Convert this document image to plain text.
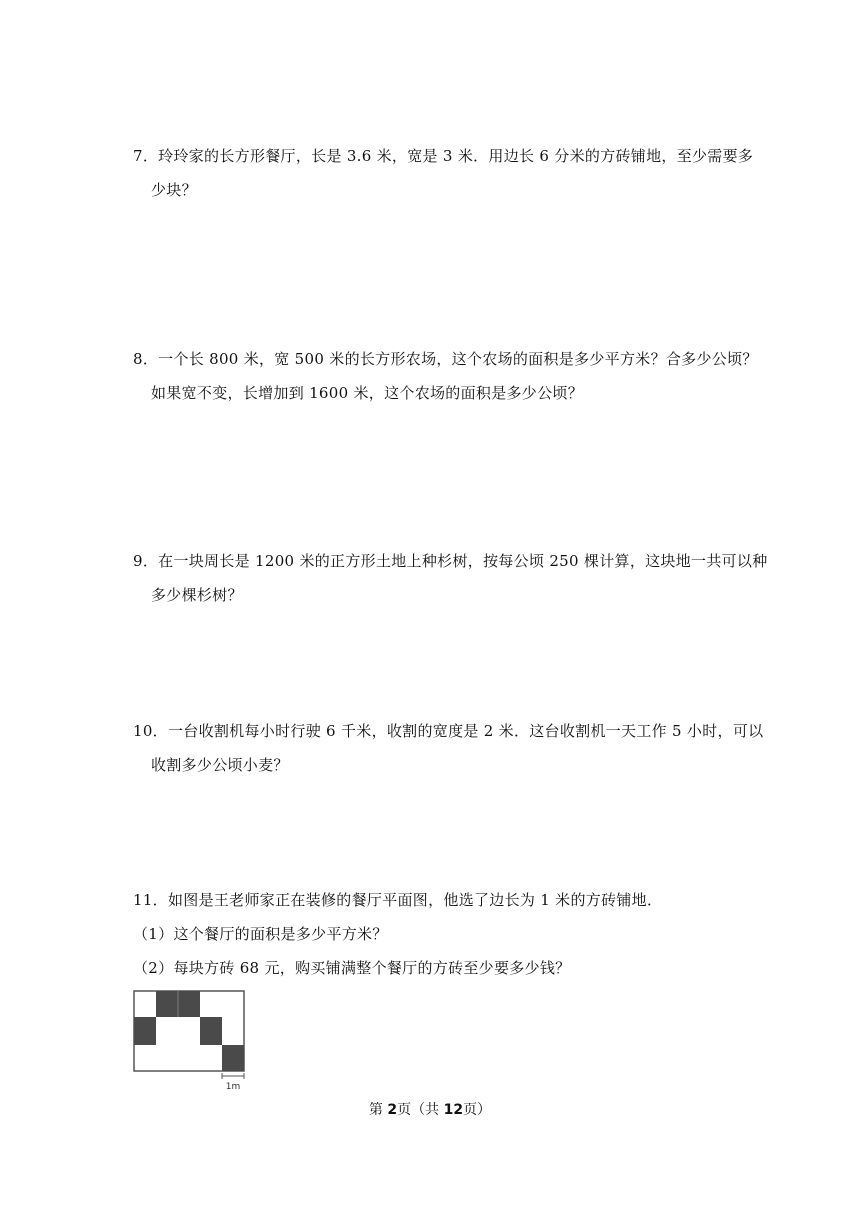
7．玲玲家的长方形餐厅，长是 3.6 米，宽是 3 米．用边长 6 分米的方砖铺地，至少需要多
少块？
8．一个长 800 米，宽 500 米的长方形农场，这个农场的面积是多少平方米？合多少公顷？
如果宽不变，长增加到 1600 米，这个农场的面积是多少公顷？
9．在一块周长是 1200 米的正方形土地上种杉树，按每公顷 250 棵计算，这块地一共可以种
多少棵杉树？
10．一台收割机每小时行驶 6 千米，收割的宽度是 2 米．这台收割机一天工作 5 小时，可以
收割多少公顷小麦？
11．如图是王老师家正在装修的餐厅平面图，他选了边长为 1 米的方砖铺地．
（1）这个餐厅的面积是多少平方米？
（2）每块方砖 68 元，购买铺满整个餐厅的方砖至少要多少钱？
1m
第 2页（共 12页）
